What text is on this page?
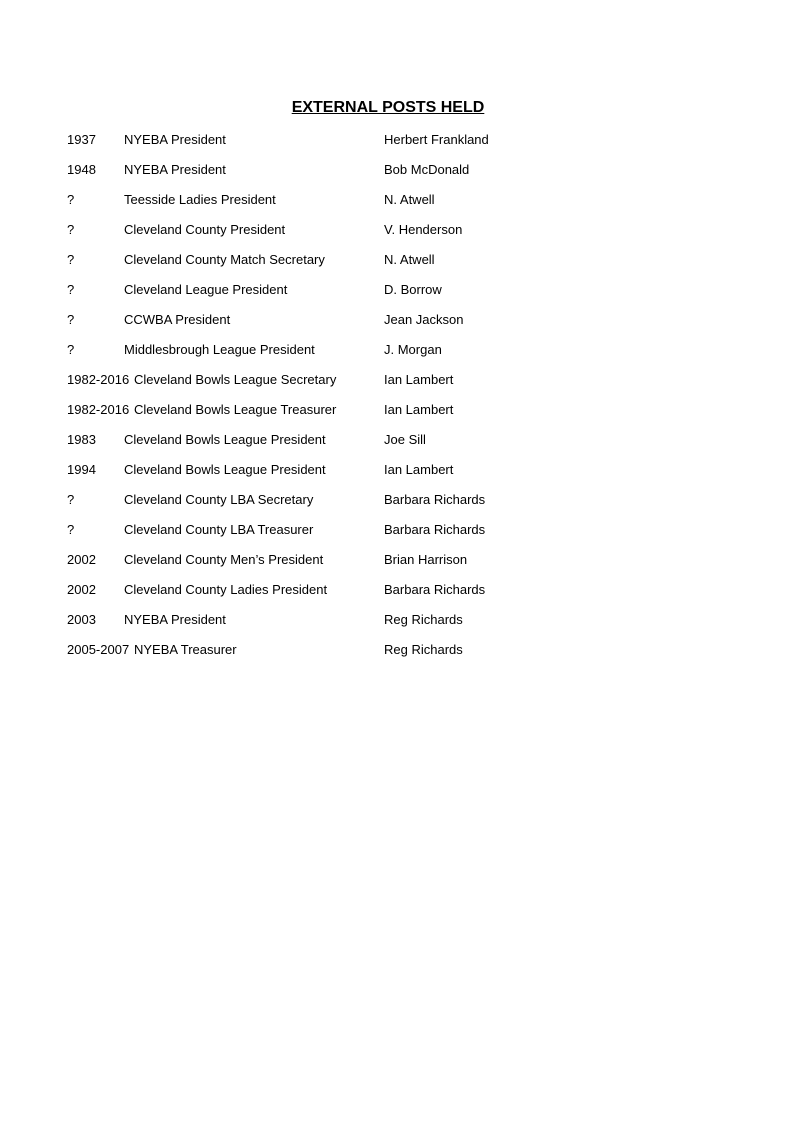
EXTERNAL POSTS HELD
1937 NYEBA President	Herbert Frankland
1948 NYEBA President	Bob McDonald
?	Teesside Ladies President	N. Atwell
?	Cleveland County President	V. Henderson
?	Cleveland County Match Secretary	N. Atwell
?	Cleveland League President	D. Borrow
?	CCWBA President	Jean Jackson
?	Middlesbrough League President	J. Morgan
1982-2016 Cleveland Bowls League Secretary	Ian Lambert
1982-2016 Cleveland Bowls League Treasurer	Ian Lambert
1983 Cleveland Bowls League President	Joe Sill
1994 Cleveland Bowls League President	Ian Lambert
?	Cleveland County LBA Secretary	Barbara Richards
?	Cleveland County LBA Treasurer	Barbara Richards
2002 Cleveland County Men’s President	Brian Harrison
2002 Cleveland County Ladies President	Barbara Richards
2003 NYEBA President	Reg Richards
2005-2007 NYEBA Treasurer	Reg Richards
